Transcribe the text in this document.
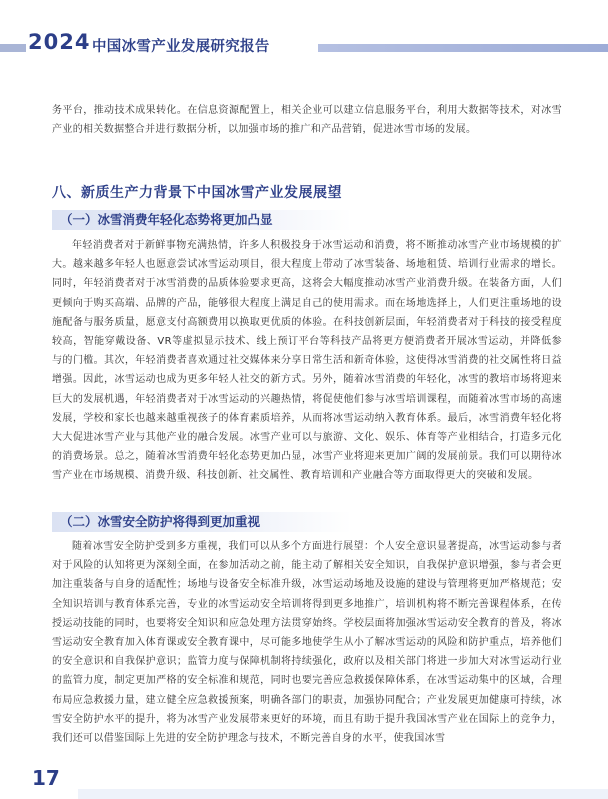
2024 中国冰雪产业发展研究报告

务平台，推动技术成果转化。在信息资源配置上，相关企业可以建立信息服务平台，利用大数据等技术，对冰雪产业的相关数据整合并进行数据分析，以加强市场的推广和产品营销，促进冰雪市场的发展。

八、新质生产力背景下中国冰雪产业发展展望
（一）冰雪消费年轻化态势将更加凸显

年轻消费者对于新鲜事物充满热情，许多人积极投身于冰雪运动和消费，将不断推动冰雪产业市场规模的扩大。越来越多年轻人也愿意尝试冰雪运动项目，很大程度上带动了冰雪装备、场地租赁、培训行业需求的增长。同时，年轻消费者对于冰雪消费的品质体验要求更高，这将会大幅度推动冰雪产业消费升级。在装备方面，人们更倾向于购买高端、品牌的产品，能够很大程度上满足自己的使用需求。而在场地选择上，人们更注重场地的设施配备与服务质量，愿意支付高额费用以换取更优质的体验。在科技创新层面，年轻消费者对于科技的接受程度较高，智能穿戴设备、VR等虚拟显示技术、线上预订平台等科技产品将更方便消费者开展冰雪运动，并降低参与的门槛。其次，年轻消费者喜欢通过社交媒体来分享日常生活和新奇体验，这使得冰雪消费的社交属性将日益增强。因此，冰雪运动也成为更多年轻人社交的新方式。另外，随着冰雪消费的年轻化，冰雪的教培市场将迎来巨大的发展机遇，年轻消费者对于冰雪运动的兴趣热情，将促使他们参与冰雪培训课程，而随着冰雪市场的高速发展，学校和家长也越来越重视孩子的体育素质培养，从而将冰雪运动纳入教育体系。最后，冰雪消费年轻化将大大促进冰雪产业与其他产业的融合发展。冰雪产业可以与旅游、文化、娱乐、体育等产业相结合，打造多元化的消费场景。总之，随着冰雪消费年轻化态势更加凸显，冰雪产业将迎来更加广阔的发展前景。我们可以期待冰雪产业在市场规模、消费升级、科技创新、社交属性、教育培训和产业融合等方面取得更大的突破和发展。

（二）冰雪安全防护将得到更加重视

随着冰雪安全防护受到多方重视，我们可以从多个方面进行展望：个人安全意识显著提高，冰雪运动参与者对于风险的认知将更为深刻全面，在参加活动之前，能主动了解相关安全知识，自我保护意识增强，参与者会更加注重装备与自身的适配性；场地与设备安全标准升级，冰雪运动场地及设施的建设与管理将更加严格规范；安全知识培训与教育体系完善，专业的冰雪运动安全培训将得到更多地推广，培训机构将不断完善课程体系，在传授运动技能的同时，也要将安全知识和应急处理方法贯穿始终。学校层面将加强冰雪运动安全教育的普及，将冰雪运动安全教育加入体育课或安全教育课中，尽可能多地使学生从小了解冰雪运动的风险和防护重点，培养他们的安全意识和自我保护意识；监管力度与保障机制将持续强化，政府以及相关部门将进一步加大对冰雪运动行业的监管力度，制定更加严格的安全标准和规范，同时也要完善应急救援保障体系，在冰雪运动集中的区域，合理布局应急救援力量，建立健全应急救援预案，明确各部门的职责，加强协同配合；产业发展更加健康可持续，冰雪安全防护水平的提升，将为冰雪产业发展带来更好的环境，而且有助于提升我国冰雪产业在国际上的竞争力，我们还可以借鉴国际上先进的安全防护理念与技术，不断完善自身的水平，使我国冰雪

17
